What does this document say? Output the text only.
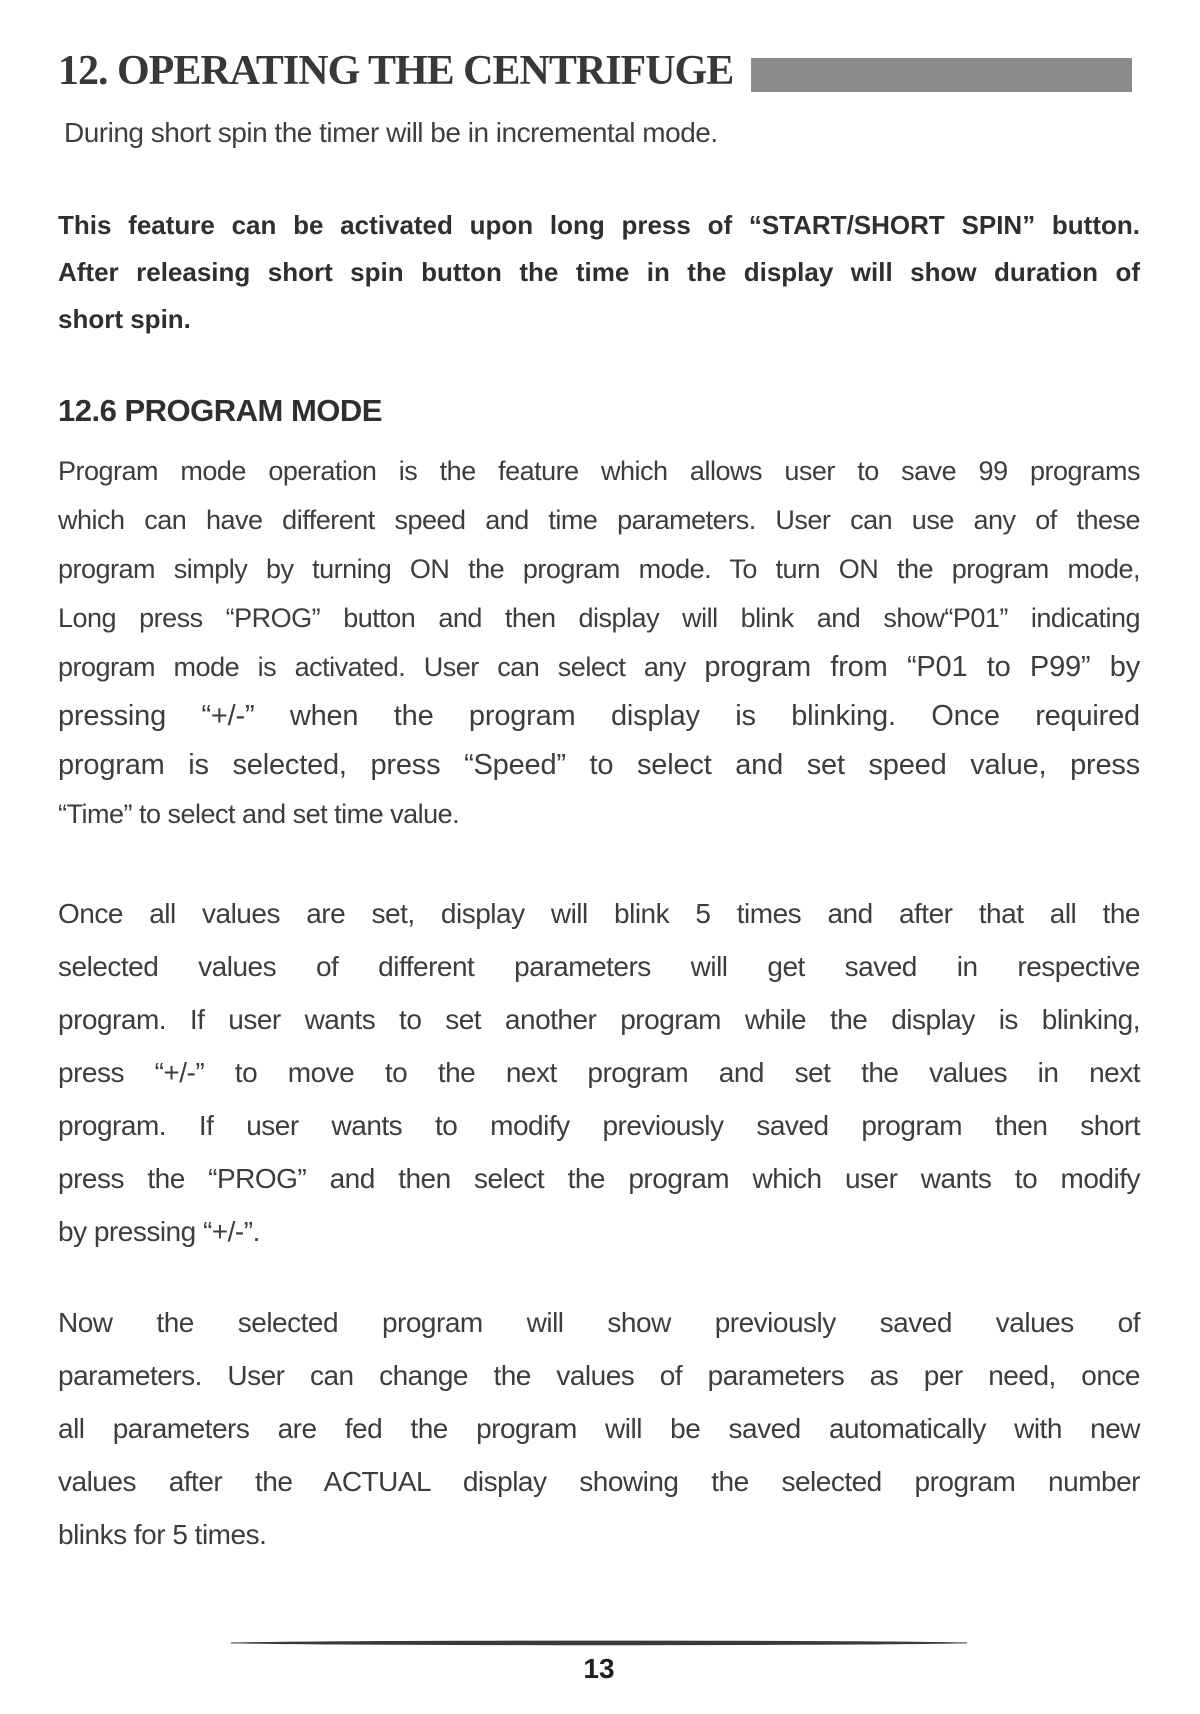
12. OPERATING THE CENTRIFUGE
During short spin the timer will be in incremental mode.
This feature can be activated upon long press of “START/SHORT SPIN” button.
After releasing short spin button the time in the display will show duration of
short spin.
12.6 PROGRAM MODE
Program mode operation is the feature which allows user to save 99 programs
which can have different speed and time parameters. User can use any of these
program simply by turning ON the program mode. To turn ON the program mode,
Long press “PROG” button and then display will blink and show“P01” indicating
program mode is activated. User can select any program from “P01 to P99” by
pressing “+/-” when the program display is blinking. Once required
program is selected, press “Speed” to select and set speed value, press
“Time” to select and set time value.
Once all values are set, display will blink 5 times and after that all the
selected values of different parameters will get saved in respective
program. If user wants to set another program while the display is blinking,
press “+/-” to move to the next program and set the values in next
program. If user wants to modify previously saved program then short
press the “PROG” and then select the program which user wants to modify
by pressing “+/-”.
Now the selected program will show previously saved values of
parameters. User can change the values of parameters as per need, once
all parameters are fed the program will be saved automatically with new
values after the ACTUAL display showing the selected program number
blinks for 5 times.
13
